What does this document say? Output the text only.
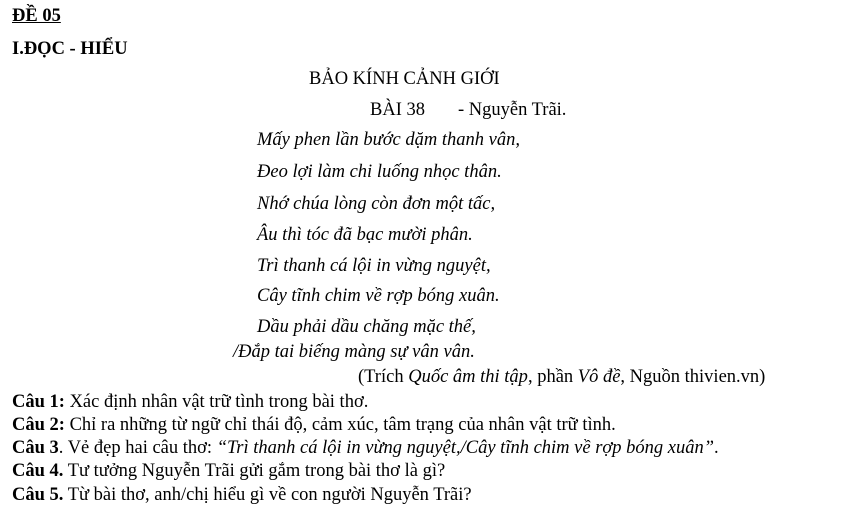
ĐỀ 05
I.ĐỌC - HIỂU
BẢO KÍNH CẢNH GIỚI
BÀI 38 - Nguyễn Trãi.
Mấy phen lần bước dặm thanh vân,
Đeo lợi làm chi luống nhọc thân.
Nhớ chúa lòng còn đơn một tấc,
Âu thì tóc đã bạc mười phân.
Trì thanh cá lội in vừng nguyệt,
Cây tĩnh chim về rợp bóng xuân.
Dầu phải dầu chăng mặc thế,
/Đắp tai biếng màng sự vân vân.
(Trích Quốc âm thi tập, phần Vô đề, Nguồn thivien.vn)
Câu 1: Xác định nhân vật trữ tình trong bài thơ.
Câu 2: Chỉ ra những từ ngữ chỉ thái độ, cảm xúc, tâm trạng của nhân vật trữ tình.
Câu 3. Vẻ đẹp hai câu thơ: “Trì thanh cá lội in vừng nguyệt,/Cây tĩnh chim về rợp bóng xuân”.
Câu 4. Tư tưởng Nguyễn Trãi gửi gắm trong bài thơ là gì?
Câu 5. Từ bài thơ, anh/chị hiểu gì về con người Nguyễn Trãi?
